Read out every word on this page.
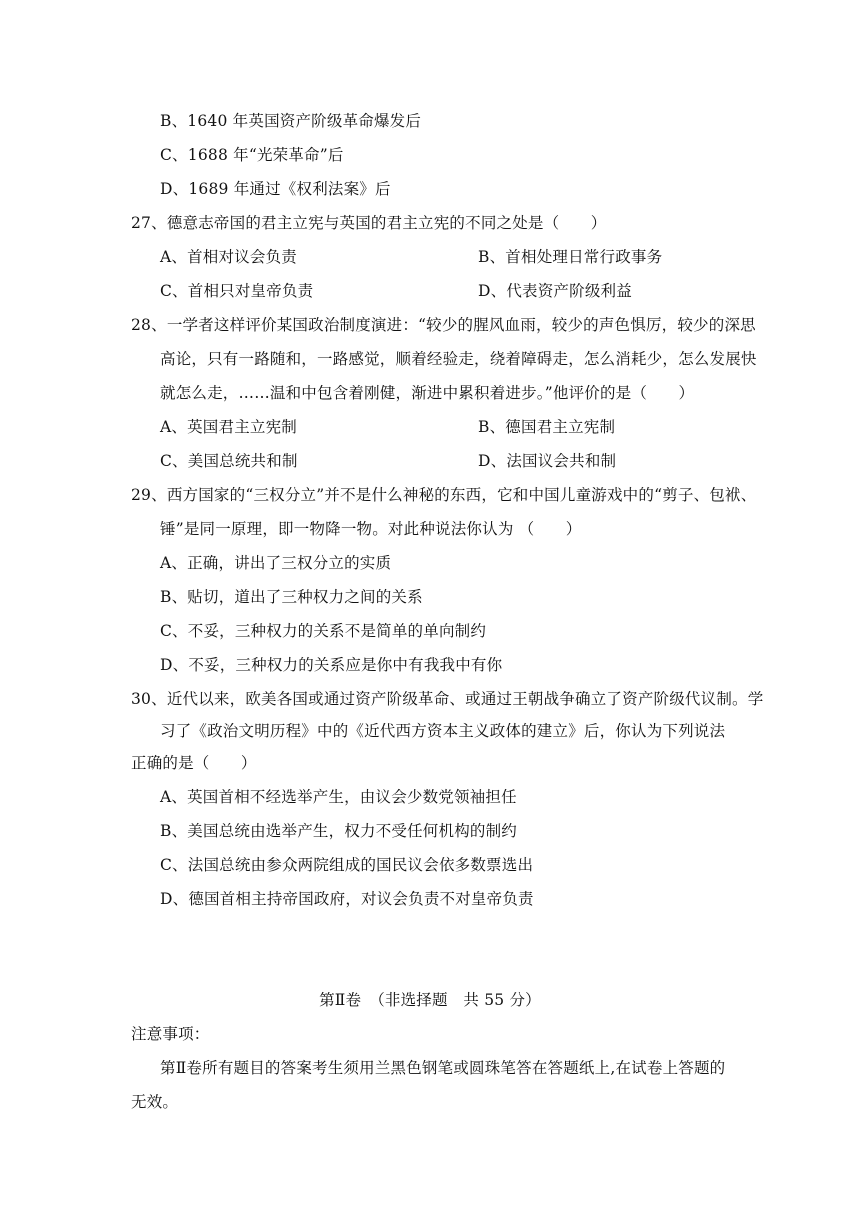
B、1640 年英国资产阶级革命爆发后
C、1688 年“光荣革命”后
D、1689 年通过《权利法案》后
27、德意志帝国的君主立宪与英国的君主立宪的不同之处是（　　）
A、首相对议会负责	B、首相处理日常行政事务
C、首相只对皇帝负责	D、代表资产阶级利益
28、一学者这样评价某国政治制度演进：“较少的腥风血雨，较少的声色惧厉，较少的深思
高论，只有一路随和，一路感觉，顺着经验走，绕着障碍走，怎么消耗少，怎么发展快
就怎么走，……温和中包含着刚健，渐进中累积着进步。”他评价的是（　　）
A、英国君主立宪制	B、德国君主立宪制
C、美国总统共和制	D、法国议会共和制
29、西方国家的“三权分立”并不是什么神秘的东西，它和中国儿童游戏中的“剪子、包袱、
锤”是同一原理，即一物降一物。对此种说法你认为 （　　）
A、正确，讲出了三权分立的实质
B、贴切，道出了三种权力之间的关系
C、不妥，三种权力的关系不是简单的单向制约
D、不妥，三种权力的关系应是你中有我我中有你
30、近代以来，欧美各国或通过资产阶级革命、或通过王朝战争确立了资产阶级代议制。学
习了《政治文明历程》中的《近代西方资本主义政体的建立》后，你认为下列说法
正确的是（　　）
A、英国首相不经选举产生，由议会少数党领袖担任
B、美国总统由选举产生，权力不受任何机构的制约
C、法国总统由参众两院组成的国民议会依多数票选出
D、德国首相主持帝国政府，对议会负责不对皇帝负责
第Ⅱ卷　（非选择题　共 55 分）
注意事项：
第Ⅱ卷所有题目的答案考生须用兰黑色钢笔或圆珠笔答在答题纸上,在试卷上答题的
无效。
